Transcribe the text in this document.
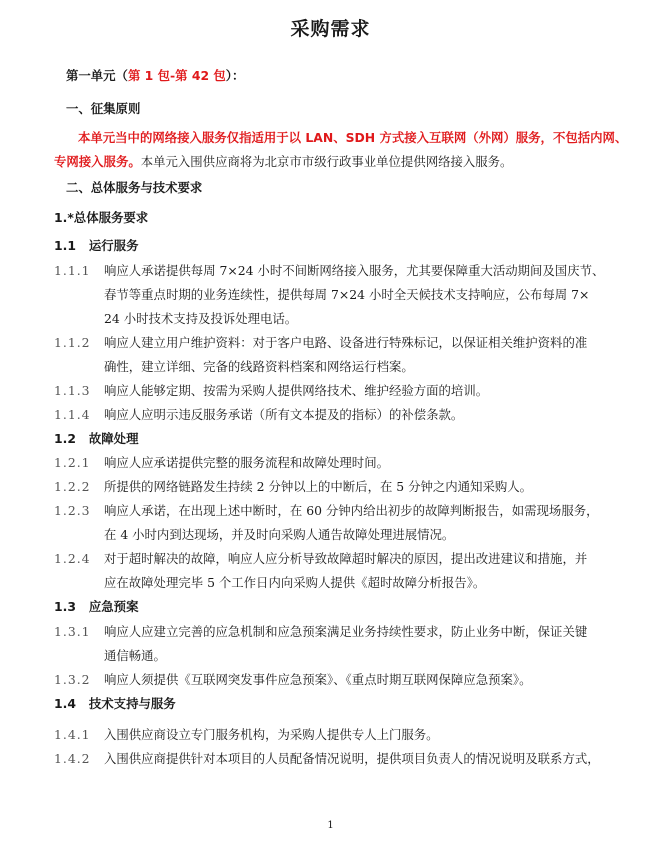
采购需求
第一单元（第 1 包-第 42 包）：
一、征集原则
本单元当中的网络接入服务仅指适用于以 LAN、SDH 方式接入互联网（外网）服务，不包括内网、
专网接入服务。本单元入围供应商将为北京市市级行政事业单位提供网络接入服务。
二、总体服务与技术要求
1.*总体服务要求
1.1   运行服务
1.1.1 响应人承诺提供每周 7×24 小时不间断网络接入服务，尤其要保障重大活动期间及国庆节、
春节等重点时期的业务连续性，提供每周 7×24 小时全天候技术支持响应，公布每周 7×
24 小时技术支持及投诉处理电话。
1.1.2 响应人建立用户维护资料：对于客户电路、设备进行特殊标记，以保证相关维护资料的准
确性，建立详细、完备的线路资料档案和网络运行档案。
1.1.3 响应人能够定期、按需为采购人提供网络技术、维护经验方面的培训。
1.1.4 响应人应明示违反服务承诺（所有文本提及的指标）的补偿条款。
1.2   故障处理
1.2.1 响应人应承诺提供完整的服务流程和故障处理时间。
1.2.2 所提供的网络链路发生持续 2 分钟以上的中断后，在 5 分钟之内通知采购人。
1.2.3 响应人承诺，在出现上述中断时，在 60 分钟内给出初步的故障判断报告，如需现场服务，
在 4 小时内到达现场，并及时向采购人通告故障处理进展情况。
1.2.4 对于超时解决的故障，响应人应分析导致故障超时解决的原因，提出改进建议和措施，并
应在故障处理完毕 5 个工作日内向采购人提供《超时故障分析报告》。
1.3   应急预案
1.3.1 响应人应建立完善的应急机制和应急预案满足业务持续性要求，防止业务中断，保证关键
通信畅通。
1.3.2 响应人须提供《互联网突发事件应急预案》、《重点时期互联网保障应急预案》。
1.4   技术支持与服务
1.4.1 入围供应商设立专门服务机构，为采购人提供专人上门服务。
1.4.2 入围供应商提供针对本项目的人员配备情况说明，提供项目负责人的情况说明及联系方式，
1
